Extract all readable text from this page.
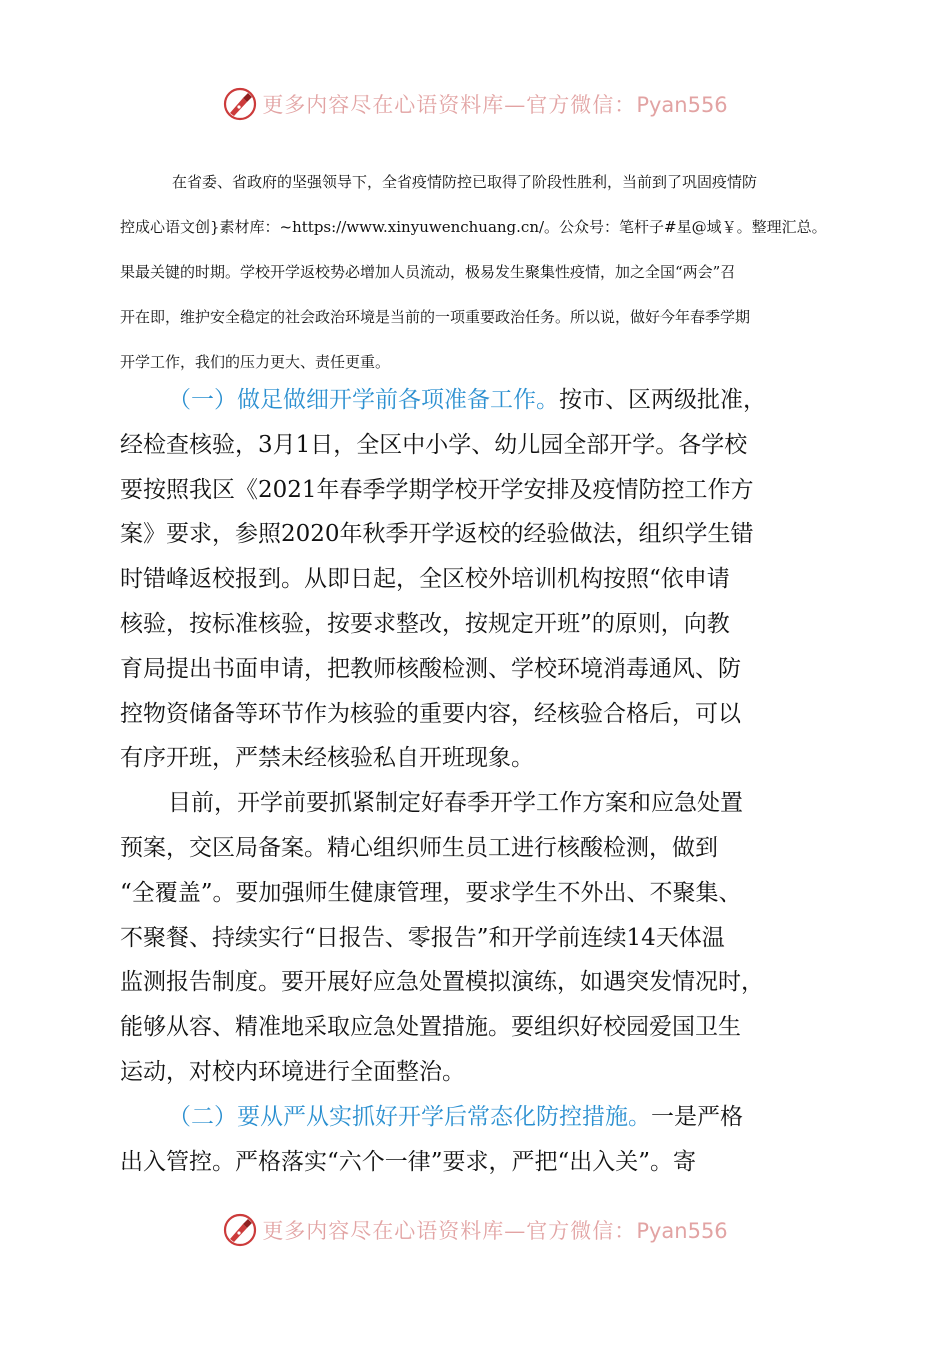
更多内容尽在心语资料库—官方微信：Pyan556
在省委、省政府的坚强领导下，全省疫情防控已取得了阶段性胜利，当前到了巩固疫情防
控成心语文创}素材库：~https://www.xinyuwenchuang.cn/。公众号：笔杆子#星@域￥。整理汇总。
果最关键的时期。学校开学返校势必增加人员流动，极易发生聚集性疫情，加之全国“两会”召
开在即，维护安全稳定的社会政治环境是当前的一项重要政治任务。所以说，做好今年春季学期
开学工作，我们的压力更大、责任更重。
（一）做足做细开学前各项准备工作。按市、区两级批准，
经检查核验，3月1日，全区中小学、幼儿园全部开学。各学校
要按照我区《2021年春季学期学校开学安排及疫情防控工作方
案》要求，参照2020年秋季开学返校的经验做法，组织学生错
时错峰返校报到。从即日起，全区校外培训机构按照“依申请
核验，按标准核验，按要求整改，按规定开班”的原则，向教
育局提出书面申请，把教师核酸检测、学校环境消毒通风、防
控物资储备等环节作为核验的重要内容，经核验合格后，可以
有序开班，严禁未经核验私自开班现象。
目前，开学前要抓紧制定好春季开学工作方案和应急处置
预案，交区局备案。精心组织师生员工进行核酸检测，做到
“全覆盖”。要加强师生健康管理，要求学生不外出、不聚集、
不聚餐、持续实行“日报告、零报告”和开学前连续14天体温
监测报告制度。要开展好应急处置模拟演练，如遇突发情况时，
能够从容、精准地采取应急处置措施。要组织好校园爱国卫生
运动，对校内环境进行全面整治。
（二）要从严从实抓好开学后常态化防控措施。一是严格
出入管控。严格落实“六个一律”要求，严把“出入关”。寄
更多内容尽在心语资料库—官方微信：Pyan556
